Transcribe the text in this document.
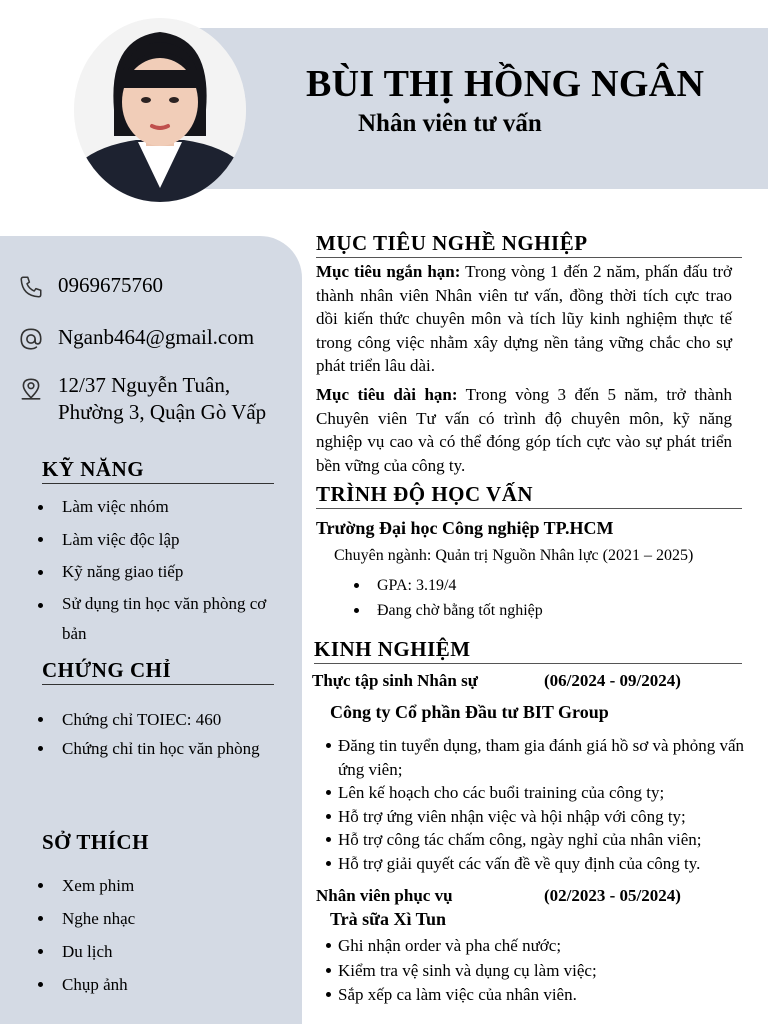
BÙI THỊ HỒNG NGÂN
Nhân viên tư vấn
0969675760
Nganb464@gmail.com
12/37 Nguyễn Tuân,
Phường 3, Quận Gò Vấp
KỸ NĂNG
Làm việc nhóm
Làm việc độc lập
Kỹ năng giao tiếp
Sử dụng tin học văn phòng cơ bản
CHỨNG CHỈ
Chứng chỉ TOIEC: 460
Chứng chỉ tin học văn phòng
SỞ THÍCH
Xem phim
Nghe nhạc
Du lịch
Chụp ảnh
MỤC TIÊU NGHỀ NGHIỆP

Mục tiêu ngắn hạn: Trong vòng 1 đến 2 năm, phấn đấu trở thành nhân viên Nhân viên tư vấn, đồng thời tích cực trao dồi kiến thức chuyên môn và tích lũy kinh nghiệm thực tế trong công việc nhằm xây dựng nền tảng vững chắc cho sự phát triển lâu dài.

Mục tiêu dài hạn: Trong vòng 3 đến 5 năm, trở thành Chuyên viên Tư vấn có trình độ chuyên môn, kỹ năng nghiệp vụ cao và có thể đóng góp tích cực vào sự phát triển bền vững của công ty.

TRÌNH ĐỘ HỌC VẤN
Trường Đại học Công nghiệp TP.HCM
Chuyên ngành: Quản trị Nguồn Nhân lực (2021 – 2025)
GPA: 3.19/4
Đang chờ bằng tốt nghiệp
KINH NGHIỆM
Thực tập sinh Nhân sự	(06/2024 - 09/2024)
Công ty Cổ phần Đầu tư BIT Group
Đăng tin tuyển dụng, tham gia đánh giá hồ sơ và phỏng vấn ứng viên;
Lên kế hoạch cho các buổi training của công ty;
Hỗ trợ ứng viên nhận việc và hội nhập với công ty;
Hỗ trợ công tác chấm công, ngày nghỉ của nhân viên;
Hỗ trợ giải quyết các vấn đề về quy định của công ty.
Nhân viên phục vụ	(02/2023 - 05/2024)
Trà sữa Xì Tun
Ghi nhận order và pha chế nước;
Kiểm tra vệ sinh và dụng cụ làm việc;
Sắp xếp ca làm việc của nhân viên.
